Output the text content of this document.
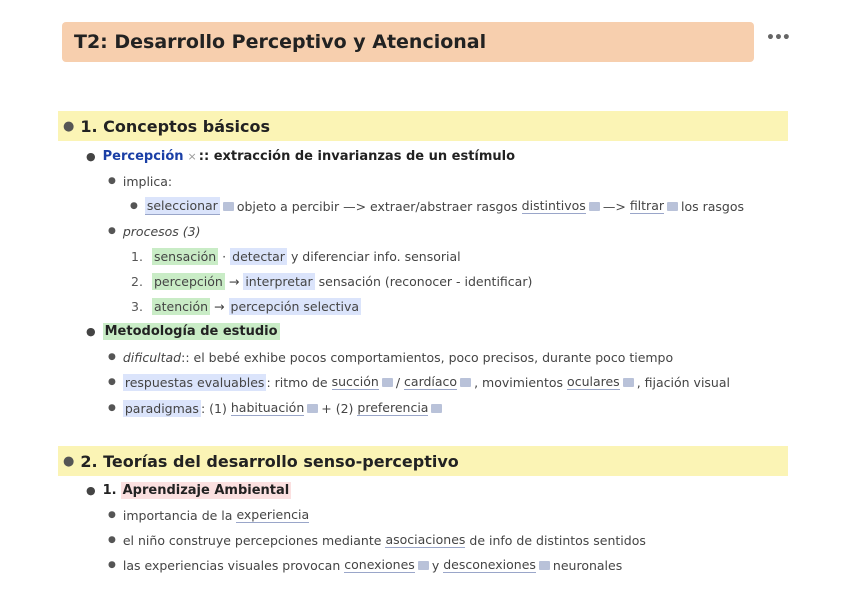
T2: Desarrollo Perceptivo y Atencional	•••
● 1. Conceptos básicos
● Percepción × :: extracción de invarianzas de un estímulo
● implica:
● seleccionar objeto a percibir —> extraer/abstraer rasgos distintivos —> filtrar los rasgos
● procesos (3)
1. sensación · detectar y diferenciar info. sensorial
2. percepción → interpretar sensación (reconocer - identificar)
3. atención → percepción selectiva
● Metodología de estudio
● dificultad :: el bebé exhibe pocos comportamientos, poco precisos, durante poco tiempo
● respuestas evaluables : ritmo de succión / cardíaco , movimientos oculares , fijación visual
● paradigmas : (1) habituación + (2) preferencia
● 2. Teorías del desarrollo senso-perceptivo
● 1. Aprendizaje Ambiental
● importancia de la experiencia
● el niño construye percepciones mediante asociaciones de info de distintos sentidos
● las experiencias visuales provocan conexiones y desconexiones neuronales
